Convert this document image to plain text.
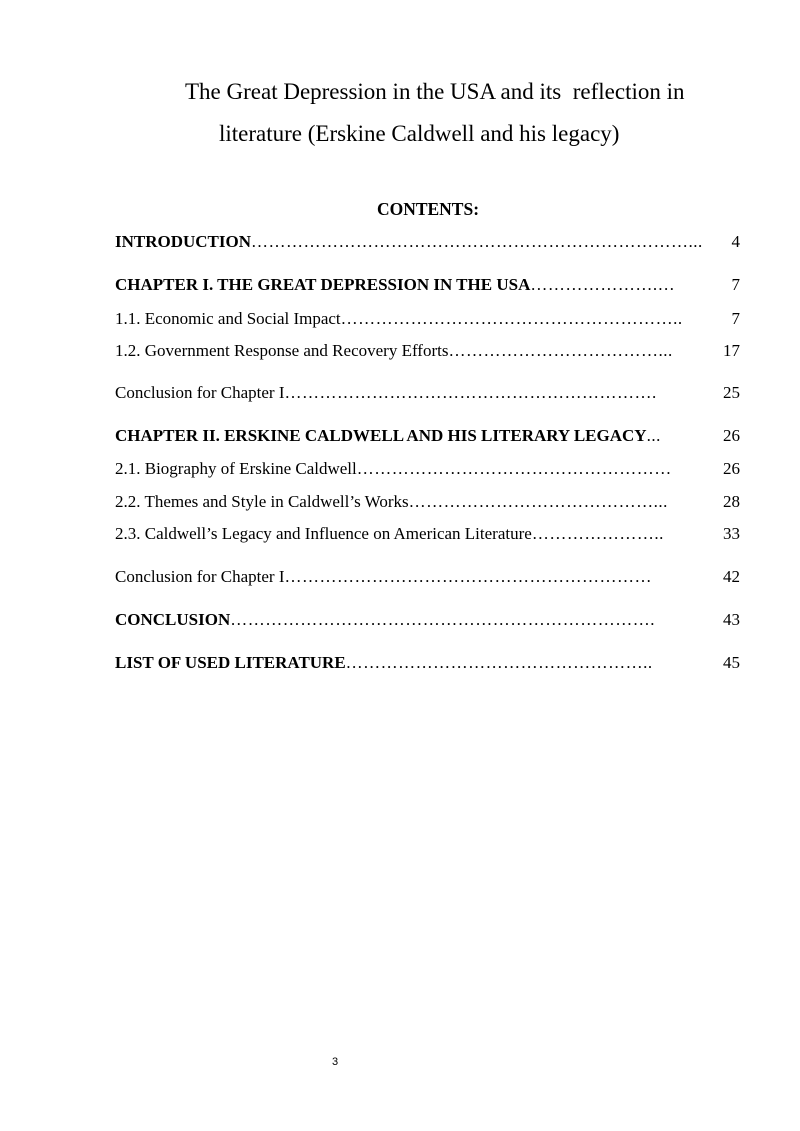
The Great Depression in the USA and its  reflection in
literature (Erskine Caldwell and his legacy)
CONTENTS:
INTRODUCTION …………………………………………………………………...	4
CHAPTER I. THE GREAT DEPRESSION IN THE USA ………………….…	7
1.1. Economic and Social Impact …………………………………………………..	7
1.2. Government Response and Recovery Efforts ………………………………...	17
Conclusion for Chapter I ……………………………………………………….	25
CHAPTER II. ERSKINE CALDWELL AND HIS LITERARY LEGACY ...	26
2.1. Biography of Erskine Caldwell ………………………………………………	26
2.2. Themes and Style in Caldwell’s Works ……………………………………...	28
2.3. Caldwell’s Legacy and Influence on American Literature …………………..	33
Conclusion for Chapter I ………………………………………………………	42
CONCLUSION ……………………………………………………………….	43
LIST OF USED LITERATURE ……………………………………………..	45
3
